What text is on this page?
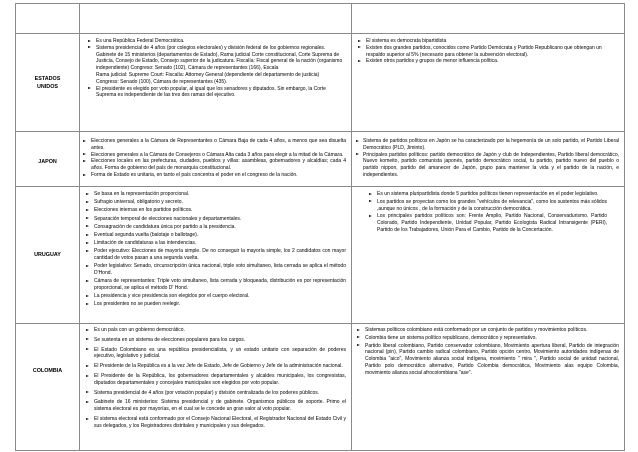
ESTADOS UNIDOS
Es una República Federal Democrática.
Sistema presidencial de 4 años (por colegios electorales) y división federal de los gobiernos regionales.
Gabinete de 15 ministerios (departamentos de Estado), Rama judicial Corte constitucional, Corte Suprema de Justicia, Consejo de Estado, Consejo superior de la judicatura. Fiscalía: Fiscal general de la nación (organismo independiente) Congreso: Senado (102), Cámara de representantes (166), Escala
Rama judicial: Supreme Court: Fiscalía: Attorney General (dependiente del departamento de justicia)
Congress: Senado (100), Cámara de representantes (435).
El presidente es elegido por voto popular, al igual que los senadores y diputados. Sin embargo, la Corte Suprema es independiente de las tres des ramas del ejecutivo.
El sistema es democrata bipartidista
Existen dos grandes partidos, conocidos como Partido Demócrata y Partido Republicano que obtengan un respaldo superior al 5% (necesario para obtener la subvención electoral).
Existen otros partidos y grupos de menor influencia política.
JAPON
Elecciones generales a la Cámara de Representantes o Cámara Baja de cada 4 años, a menos que sea disuelta antes.
Elecciones generales a la Cámara de Consejeros o Cámara Alta cada 3 años para elegir a la mitad de la Cámara.
Elecciones locales en las prefecturas, ciudades, pueblos y villas: asambleas, gobernadores y alcaldías; cada 4 años. Forma de gobierno del país de monarquía constitucional.
Forma de Estado es unitaria, en tanto el país concentra el poder en el congreso de la nación.
Sistema de partidos políticos en Japón se ha caracterizado por la hegemonía de un solo partido, el Partido Liberal Democrático (PLD, Jiminto).
Principales partidos políticos: partido democrático de Japón y club de Independientes, Partido liberal democrático, Nuevo komeito, partido comunista japonés, partido democrático social, tu partido, partido nuevo del pueblo o partido nippon, partido del amanecer de Japón, grupo para mantener la vida y el partido de la nación, e independientes.
URUGUAY
Se basa en la representación proporcional.
Sufragio universal, obligatorio y secreto.
Elecciones internas en los partidos políticos.
Separación temporal de elecciones nacionales y departamentales.
Consagración de candidatura única por partido a la presidencia.
Eventual segunda vuelta (balotaje o ballotage).
Limitación de candidaturas a las intendencias.
Poder ejecutivo: Elecciones de mayoría simple. De no conseguir la mayoría simple, los 2 candidatos con mayor cantidad de votos pasan a una segunda vuelta.
Poder legislativo: Senado, circunscripción única nacional, triple voto simultaneo, lista cerrada se aplica el método D'Hond.
Cámara de representantes: Triple voto simultaneo, lista cerrada y bloqueada, distribución es por representación proporcional, se aplica el método D' Hond.
La presidencia y vice presidencia son elegidos por el cuerpo electoral.
Los presidentes no se pueden reelegir.
Es un sistema pluripartidista donde 5 partidos políticos tienen representación en el poder legislativo.
Los partidos se proyectan como los grandes "vehículos de relevancia", como los sustentos más sólidos ,aunque no únicos , de la formación y de la construcción democrática.
Los principales partidos políticos son: Frente Amplio, Partido Nacional, Conservadurismo. Partido Colorado, Partido Independiente, Unidad Popular, Partido Ecologista Radical Intransigente (PERI), Partido de los Trabajadores, Unión Para el Cambio, Partido de la Concertación.
COLOMBIA
Es un país con un gobierno democrático.
Se sustenta en un sistema de elecciones populares para los cargos.
El Estado Colombiano es una república presidencialista, y un estado unitario con separación de poderes ejecutivo, legislativo y judicial.
El Presidente de la República es a la vez Jefe de Estado, Jefe de Gobierno y Jefe de la administración nacional.
El Presidente de la República, los gobernadores departamentales y alcaldes municipales, los congresistas, diputados departamentales y concejales municipales son elegidos por voto popular.
Sistema presidencial de 4 años (por votación popular) y división centralizada de los poderes públicos.
Gabinete de 16 ministerios: Sistema presidencial y de gabinete. Organismos públicos de soporte. Primo el sistema electoral es por mayorías, en el cual se le concede un gran valor al voto popular.
El sistema electoral está conformado por el Consejo Nacional Electoral, el Registrador Nacional del Estado Civil y sus delegados, y los Registradores distritales y municipales y sus delegados.
Sistemas políticos colombiano está conformado por un conjunto de partidos y movimientos políticos.
Colombia tiene un sistema político republicano, democrático y representativo.
Partido liberal colombiano, Partido conservador colombiano, Movimiento apertura liberal, Partido de integración nacional (pin), Partido cambio radical colombiano, Partido opción centro, Movimiento autoridades indígenas de Colombia "aico", Movimiento alianza social indígena, movimiento " mira ", Partido social de unidad nacional, Partido polo democrático alternativo, Partido Colombia democrática, Movimiento alas equipo Colombia, movimiento alianza social afrocolombiana "ase".
